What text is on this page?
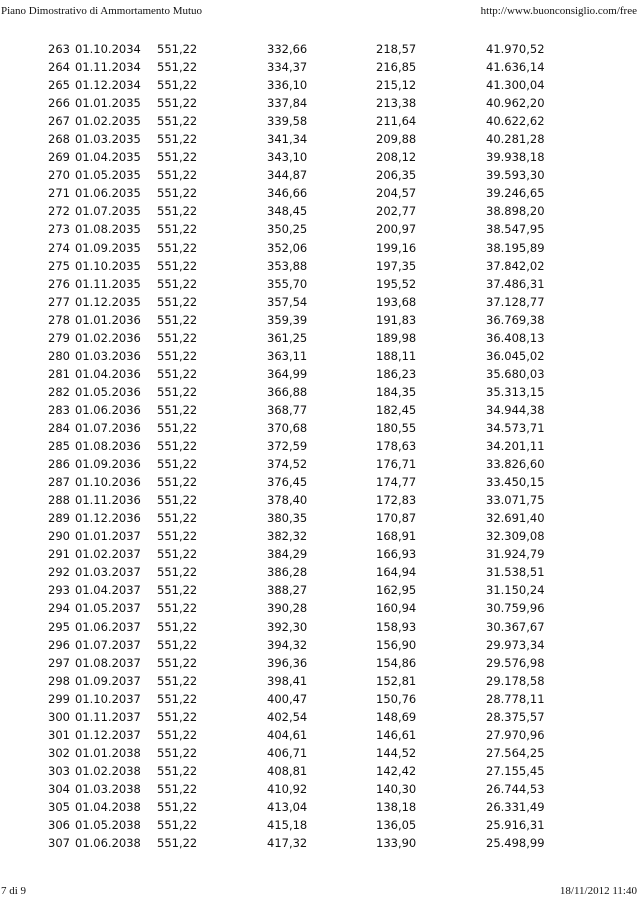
Piano Dimostrativo di Ammortamento Mutuo	http://www.buonconsiglio.com/free
263 01.10.2034 551,22	332,66	218,57	41.970,52
264 01.11.2034 551,22	334,37	216,85	41.636,14
265 01.12.2034 551,22	336,10	215,12	41.300,04
266 01.01.2035 551,22	337,84	213,38	40.962,20
267 01.02.2035 551,22	339,58	211,64	40.622,62
268 01.03.2035 551,22	341,34	209,88	40.281,28
269 01.04.2035 551,22	343,10	208,12	39.938,18
270 01.05.2035 551,22	344,87	206,35	39.593,30
271 01.06.2035 551,22	346,66	204,57	39.246,65
272 01.07.2035 551,22	348,45	202,77	38.898,20
273 01.08.2035 551,22	350,25	200,97	38.547,95
274 01.09.2035 551,22	352,06	199,16	38.195,89
275 01.10.2035 551,22	353,88	197,35	37.842,02
276 01.11.2035 551,22	355,70	195,52	37.486,31
277 01.12.2035 551,22	357,54	193,68	37.128,77
278 01.01.2036 551,22	359,39	191,83	36.769,38
279 01.02.2036 551,22	361,25	189,98	36.408,13
280 01.03.2036 551,22	363,11	188,11	36.045,02
281 01.04.2036 551,22	364,99	186,23	35.680,03
282 01.05.2036 551,22	366,88	184,35	35.313,15
283 01.06.2036 551,22	368,77	182,45	34.944,38
284 01.07.2036 551,22	370,68	180,55	34.573,71
285 01.08.2036 551,22	372,59	178,63	34.201,11
286 01.09.2036 551,22	374,52	176,71	33.826,60
287 01.10.2036 551,22	376,45	174,77	33.450,15
288 01.11.2036 551,22	378,40	172,83	33.071,75
289 01.12.2036 551,22	380,35	170,87	32.691,40
290 01.01.2037 551,22	382,32	168,91	32.309,08
291 01.02.2037 551,22	384,29	166,93	31.924,79
292 01.03.2037 551,22	386,28	164,94	31.538,51
293 01.04.2037 551,22	388,27	162,95	31.150,24
294 01.05.2037 551,22	390,28	160,94	30.759,96
295 01.06.2037 551,22	392,30	158,93	30.367,67
296 01.07.2037 551,22	394,32	156,90	29.973,34
297 01.08.2037 551,22	396,36	154,86	29.576,98
298 01.09.2037 551,22	398,41	152,81	29.178,58
299 01.10.2037 551,22	400,47	150,76	28.778,11
300 01.11.2037 551,22	402,54	148,69	28.375,57
301 01.12.2037 551,22	404,61	146,61	27.970,96
302 01.01.2038 551,22	406,71	144,52	27.564,25
303 01.02.2038 551,22	408,81	142,42	27.155,45
304 01.03.2038 551,22	410,92	140,30	26.744,53
305 01.04.2038 551,22	413,04	138,18	26.331,49
306 01.05.2038 551,22	415,18	136,05	25.916,31
307 01.06.2038 551,22	417,32	133,90	25.498,99
7 di 9	18/11/2012 11:40
